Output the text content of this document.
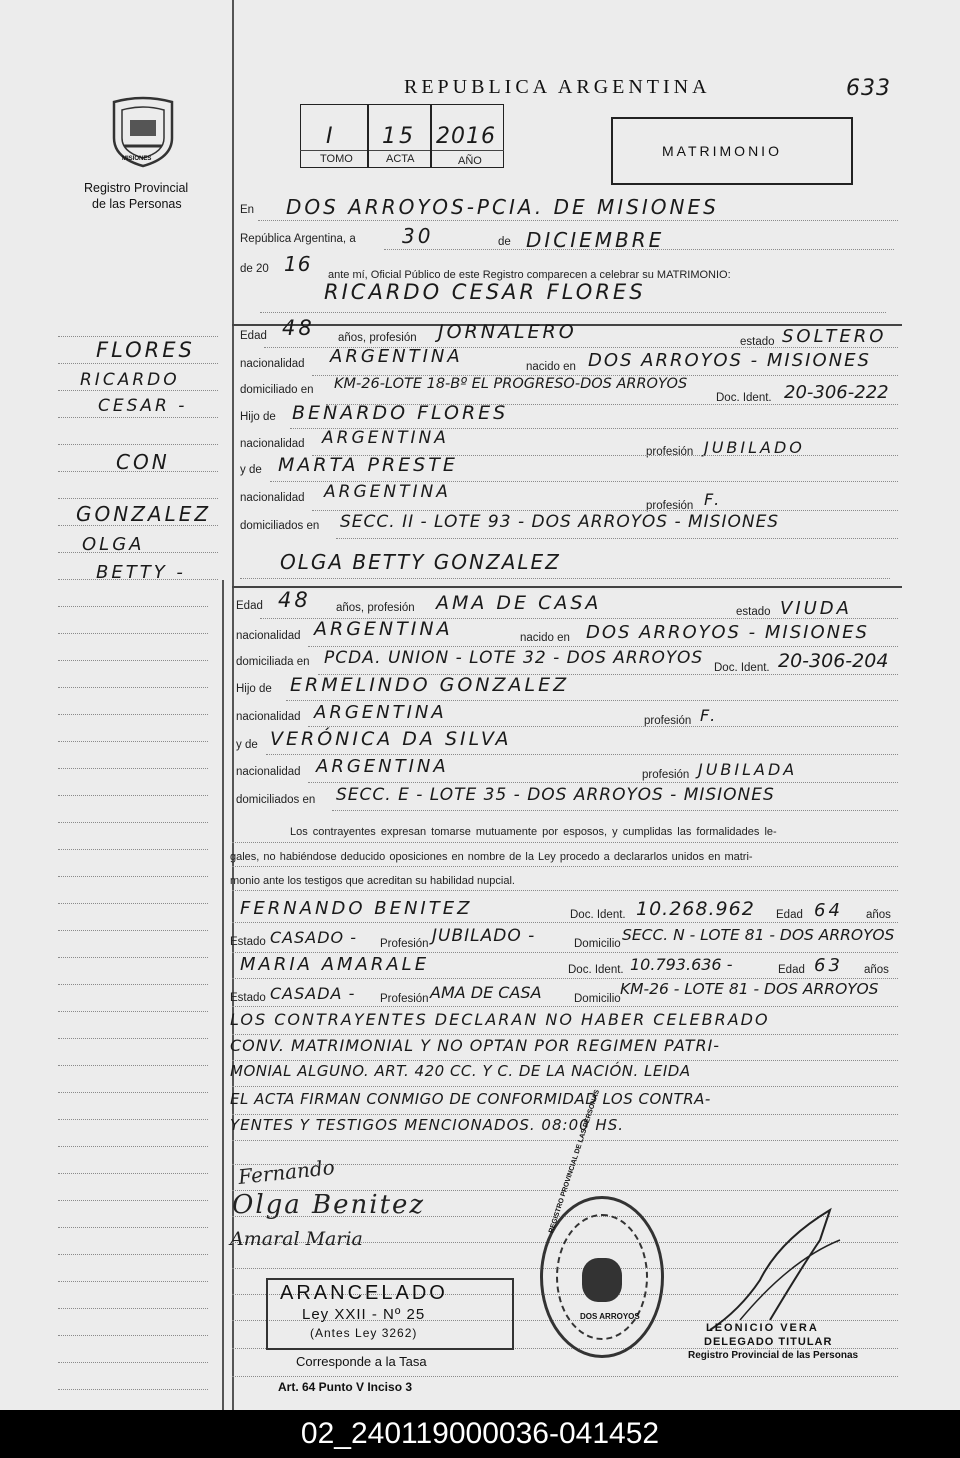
MISIONES
Registro Provincial
de las Personas
REPUBLICA ARGENTINA	633
I 15 2016
TOMO	ACTA	AÑO
MATRIMONIO
En DOS ARROYOS-PCIA. DE MISIONES
República Argentina, a 30	de DICIEMBRE
de 20 16 ante mí, Oficial Público de este Registro comparecen a celebrar su MATRIMONIO:
RICARDO CESAR FLORES
Edad 48 años, profesión JORNALERO	estado SOLTERO
nacionalidad ARGENTINA	nacido en DOS ARROYOS - MISIONES
domiciliado en KM-26-LOTE 18-Bº EL PROGRESO-DOS ARROYOS
Doc. Ident. 20-306-222
Hijo de BENARDO FLORES
nacionalidad ARGENTINA
profesión JUBILADO
y de MARTA PRESTE
nacionalidad ARGENTINA
profesión F.
domiciliados en SECC. II - LOTE 93 - DOS ARROYOS - MISIONES
OLGA BETTY GONZALEZ
Edad 48 años, profesión AMA DE CASA	estado VIUDA
nacionalidad ARGENTINA	nacido en DOS ARROYOS - MISIONES
domiciliada en PCDA. UNION - LOTE 32 - DOS ARROYOS Doc. Ident. 20-306-204
Hijo de ERMELINDO GONZALEZ
nacionalidad ARGENTINA	profesión F.
y de VERÓNICA DA SILVA
nacionalidad ARGENTINA	profesión JUBILADA
domiciliados en SECC. E - LOTE 35 - DOS ARROYOS - MISIONES
Los contrayentes expresan tomarse mutuamente por esposos, y cumplidas las formalidades le-
gales, no habiéndose deducido oposiciones en nombre de la Ley procedo a declararlos unidos en matri-
monio ante los testigos que acreditan su habilidad nupcial.
FERNANDO BENITEZ	Doc. Ident. 10.268.962 Edad 64 años
Estado CASADO - Profesión JUBILADO -	Domicilio SECC. N - LOTE 81 - DOS ARROYOS
MARIA AMARALE	Doc. Ident. 10.793.636 -	Edad 63 años
Estado CASADA - Profesión AMA DE CASA	Domicilio
KM-26 - LOTE 81 - DOS ARROYOS
LOS CONTRAYENTES DECLARAN NO HABER CELEBRADO
CONV. MATRIMONIAL Y NO OPTAN POR REGIMEN PATRI-
MONIAL ALGUNO. ART. 420 CC. Y C. DE LA NACIÓN. LEIDA
EL ACTA FIRMAN CONMIGO DE CONFORMIDAD LOS CONTRA-
YENTES Y TESTIGOS MENCIONADOS. 08:00 HS.
FLORES
RICARDO
CESAR -
CON
GONZALEZ
OLGA
BETTY -
Fernando
Olga Benitez
Amaral Maria
ARANCELADO
Ley XXII - Nº 25
(Antes Ley 3262)
Corresponde a la Tasa
Art. 64 Punto V Inciso 3
REGISTRO PROVINCIAL DE LAS PERSONAS
DOS ARROYOS
LEONICIO VERA
DELEGADO TITULAR
Registro Provincial de las Personas
02_240119000036-041452
